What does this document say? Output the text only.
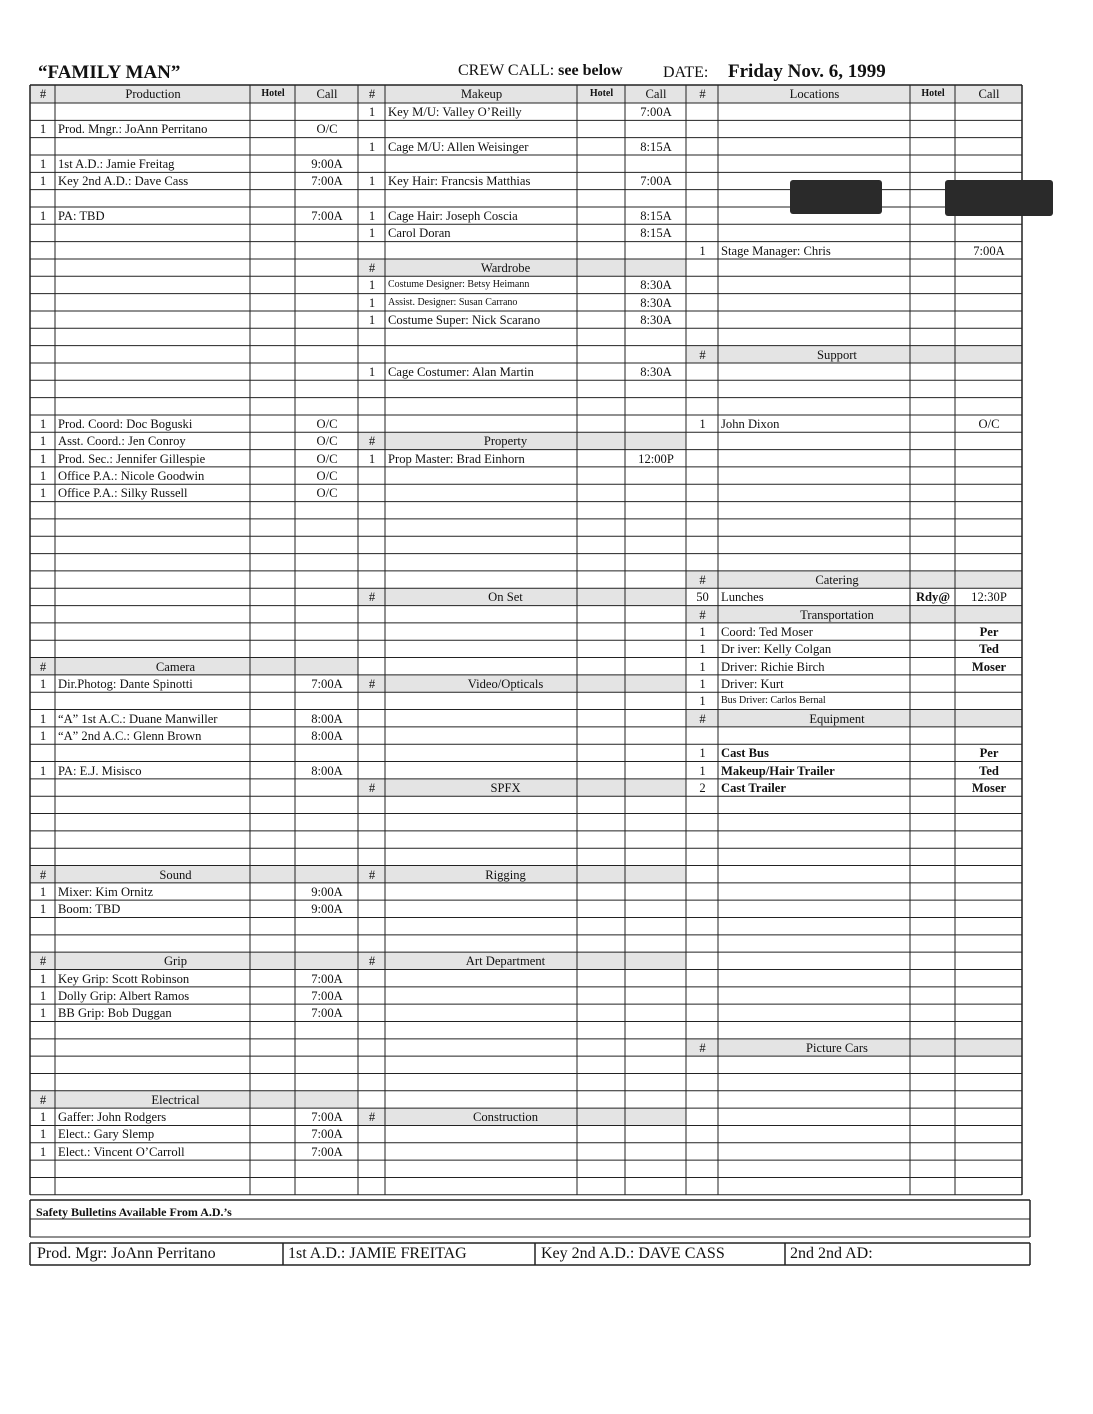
“FAMILY MAN”	CREW CALL: see below	DATE: Friday Nov. 6, 1999
#	Production	Hotel	Call	#	Makeup	Hotel	Call	#	Locations	Hotel	Call
1 Prod. Mngr.: JoAnn Perritano	O/C
1 1st A.D.: Jamie Freitag	9:00A
1 Key 2nd A.D.: Dave Cass	7:00A
1 PA: TBD	7:00A
1 Prod. Coord: Doc Boguski	O/C
1 Asst. Coord.: Jen Conroy	O/C
1 Prod. Sec.: Jennifer Gillespie	O/C
1 Office P.A.: Nicole Goodwin	O/C
1 Office P.A.: Silky Russell	O/C
#	Camera
1 Dir.Photog: Dante Spinotti	7:00A
1 “A” 1st A.C.: Duane Manwiller	8:00A
1 “A” 2nd A.C.: Glenn Brown	8:00A
1 PA: E.J. Misisco	8:00A
#	Sound
1 Mixer: Kim Ornitz	9:00A
1 Boom: TBD	9:00A
#	Grip
1 Key Grip: Scott Robinson	7:00A
1 Dolly Grip: Albert Ramos	7:00A
1 BB Grip: Bob Duggan	7:00A
#	Electrical
1 Gaffer: John Rodgers	7:00A
1 Elect.: Gary Slemp	7:00A
1 Elect.: Vincent O’Carroll	7:00A
1	Key M/U: Valley O’Reilly	7:00A
1	Cage M/U: Allen Weisinger	8:15A
1	Key Hair: Francsis Matthias	7:00A
1	Cage Hair: Joseph Coscia	8:15A
1	Carol Doran	8:15A
#	Wardrobe
1	Costume Designer: Betsy Heimann	8:30A
1	Assist. Designer: Susan Carrano	8:30A
1	Costume Super: Nick Scarano	8:30A
1	Cage Costumer: Alan Martin	8:30A
#	Property
1	Prop Master: Brad Einhorn	12:00P
#	On Set
#	Video/Opticals
#	SPFX
#	Rigging
#	Art Department
#	Construction
1	Stage Manager: Chris	7:00A
#	Support
1	John Dixon	O/C
#	Catering
50 Lunches	Rdy@	12:30P
#	Transportation
1	Coord: Ted Moser	Per
1	Dr iver: Kelly Colgan	Ted
1	Driver: Richie Birch	Moser
1	Driver: Kurt
1	Bus Driver: Carlos Bernal
#	Equipment
1	Cast Bus	Per
1	Makeup/Hair Trailer	Ted
2	Cast Trailer	Moser
#	Picture Cars
Safety Bulletins Available From A.D.’s
Prod. Mgr: JoAnn Perritano	1st A.D.: JAMIE FREITAG	Key 2nd A.D.: DAVE CASS	2nd 2nd AD:
